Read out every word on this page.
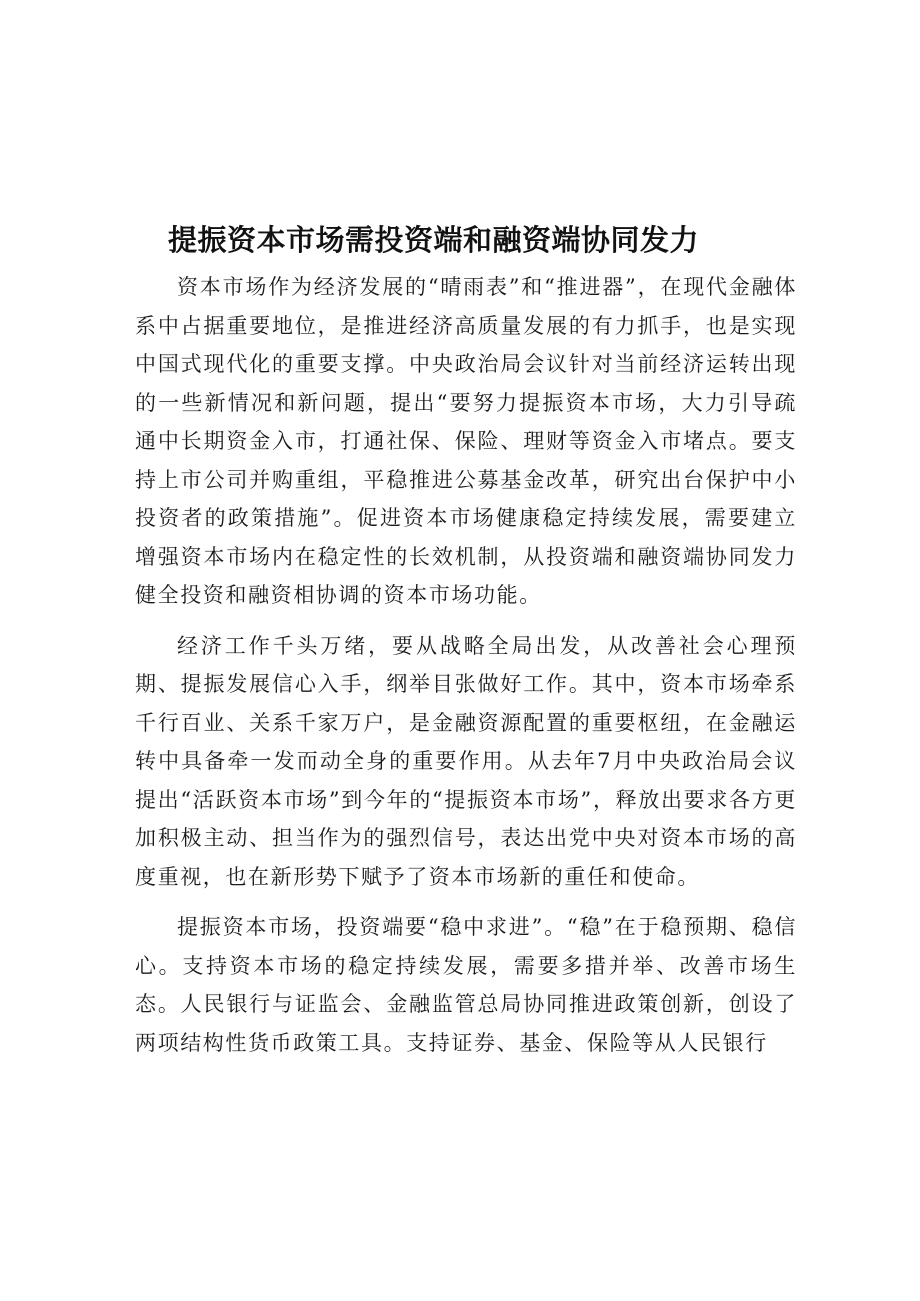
提振资本市场需投资端和融资端协同发力

资本市场作为经济发展的“晴雨表”和“推进器”，在现代金融体系中占据重要地位，是推进经济高质量发展的有力抓手，也是实现中国式现代化的重要支撑。中央政治局会议针对当前经济运转出现的一些新情况和新问题，提出“要努力提振资本市场，大力引导疏通中长期资金入市，打通社保、保险、理财等资金入市堵点。要支持上市公司并购重组，平稳推进公募基金改革，研究出台保护中小投资者的政策措施”。促进资本市场健康稳定持续发展，需要建立增强资本市场内在稳定性的长效机制，从投资端和融资端协同发力健全投资和融资相协调的资本市场功能。

经济工作千头万绪，要从战略全局出发，从改善社会心理预期、提振发展信心入手，纲举目张做好工作。其中，资本市场牵系千行百业、关系千家万户，是金融资源配置的重要枢纽，在金融运转中具备牵一发而动全身的重要作用。从去年7月中央政治局会议提出“活跃资本市场”到今年的“提振资本市场”，释放出要求各方更加积极主动、担当作为的强烈信号，表达出党中央对资本市场的高度重视，也在新形势下赋予了资本市场新的重任和使命。

提振资本市场，投资端要“稳中求进”。“稳”在于稳预期、稳信心。支持资本市场的稳定持续发展，需要多措并举、改善市场生态。人民银行与证监会、金融监管总局协同推进政策创新，创设了两项结构性货币政策工具。支持证券、基金、保险等从人民银行
